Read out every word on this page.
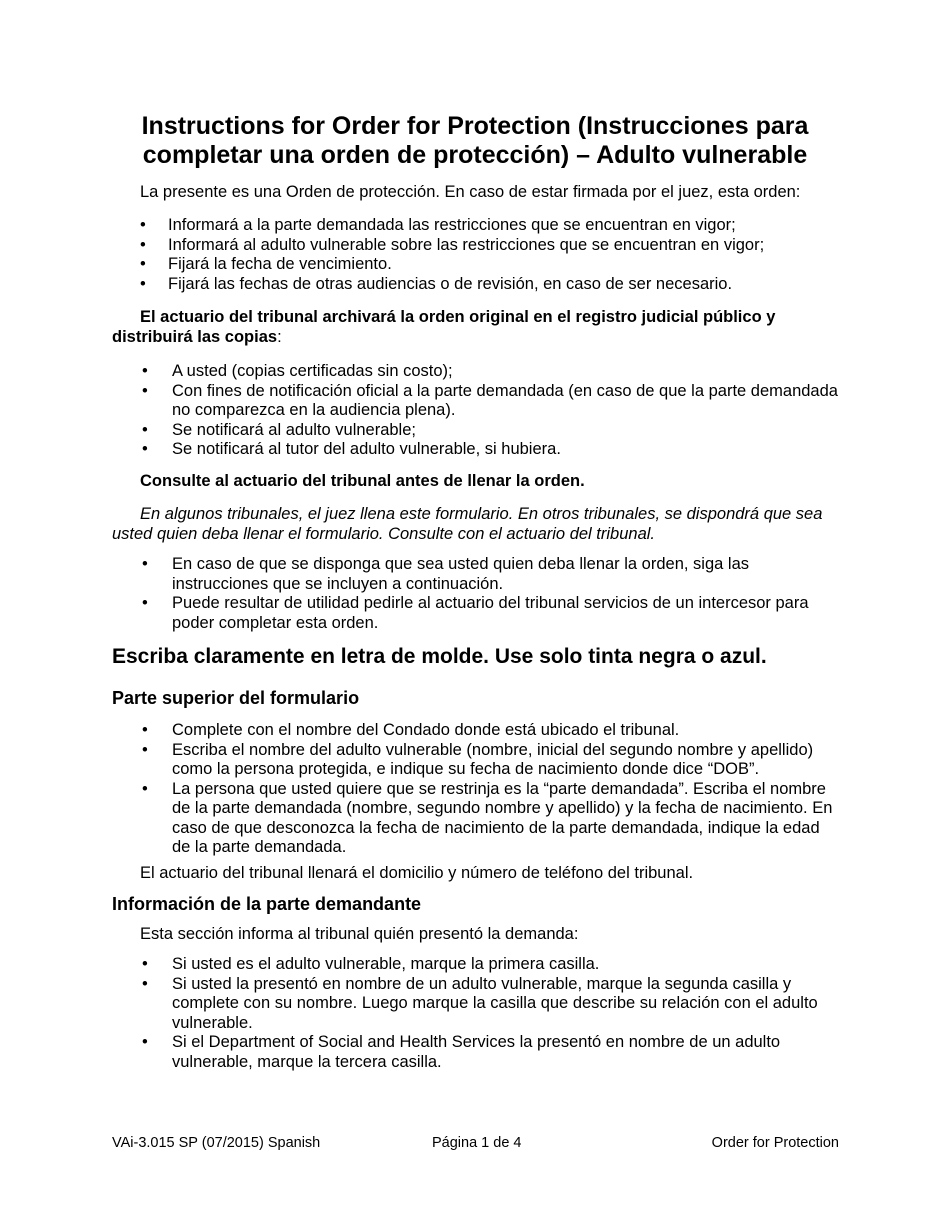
Instructions for Order for Protection (Instrucciones para
completar una orden de protección) – Adulto vulnerable

La presente es una Orden de protección. En caso de estar firmada por el juez, esta orden:

• Informará a la parte demandada las restricciones que se encuentran en vigor;
• Informará al adulto vulnerable sobre las restricciones que se encuentran en vigor;
• Fijará la fecha de vencimiento.
• Fijará las fechas de otras audiencias o de revisión, en caso de ser necesario.

El actuario del tribunal archivará la orden original en el registro judicial público y distribuirá las copias:

• A usted (copias certificadas sin costo);
• Con fines de notificación oficial a la parte demandada (en caso de que la parte demandada no comparezca en la audiencia plena).
• Se notificará al adulto vulnerable;
• Se notificará al tutor del adulto vulnerable, si hubiera.

Consulte al actuario del tribunal antes de llenar la orden.

En algunos tribunales, el juez llena este formulario. En otros tribunales, se dispondrá que sea usted quien deba llenar el formulario. Consulte con el actuario del tribunal.

• En caso de que se disponga que sea usted quien deba llenar la orden, siga las instrucciones que se incluyen a continuación.
• Puede resultar de utilidad pedirle al actuario del tribunal servicios de un intercesor para poder completar esta orden.
Escriba claramente en letra de molde. Use solo tinta negra o azul.
Parte superior del formulario
• Complete con el nombre del Condado donde está ubicado el tribunal.
• Escriba el nombre del adulto vulnerable (nombre, inicial del segundo nombre y apellido) como la persona protegida, e indique su fecha de nacimiento donde dice “DOB”.
• La persona que usted quiere que se restrinja es la “parte demandada”. Escriba el nombre de la parte demandada (nombre, segundo nombre y apellido) y la fecha de nacimiento. En caso de que desconozca la fecha de nacimiento de la parte demandada, indique la edad de la parte demandada.

El actuario del tribunal llenará el domicilio y número de teléfono del tribunal.

Información de la parte demandante

Esta sección informa al tribunal quién presentó la demanda:

• Si usted es el adulto vulnerable, marque la primera casilla.
• Si usted la presentó en nombre de un adulto vulnerable, marque la segunda casilla y complete con su nombre. Luego marque la casilla que describe su relación con el adulto vulnerable.
• Si el Department of Social and Health Services la presentó en nombre de un adulto vulnerable, marque la tercera casilla.
VAi-3.015 SP (07/2015) Spanish	Página 1 de 4	Order for Protection
